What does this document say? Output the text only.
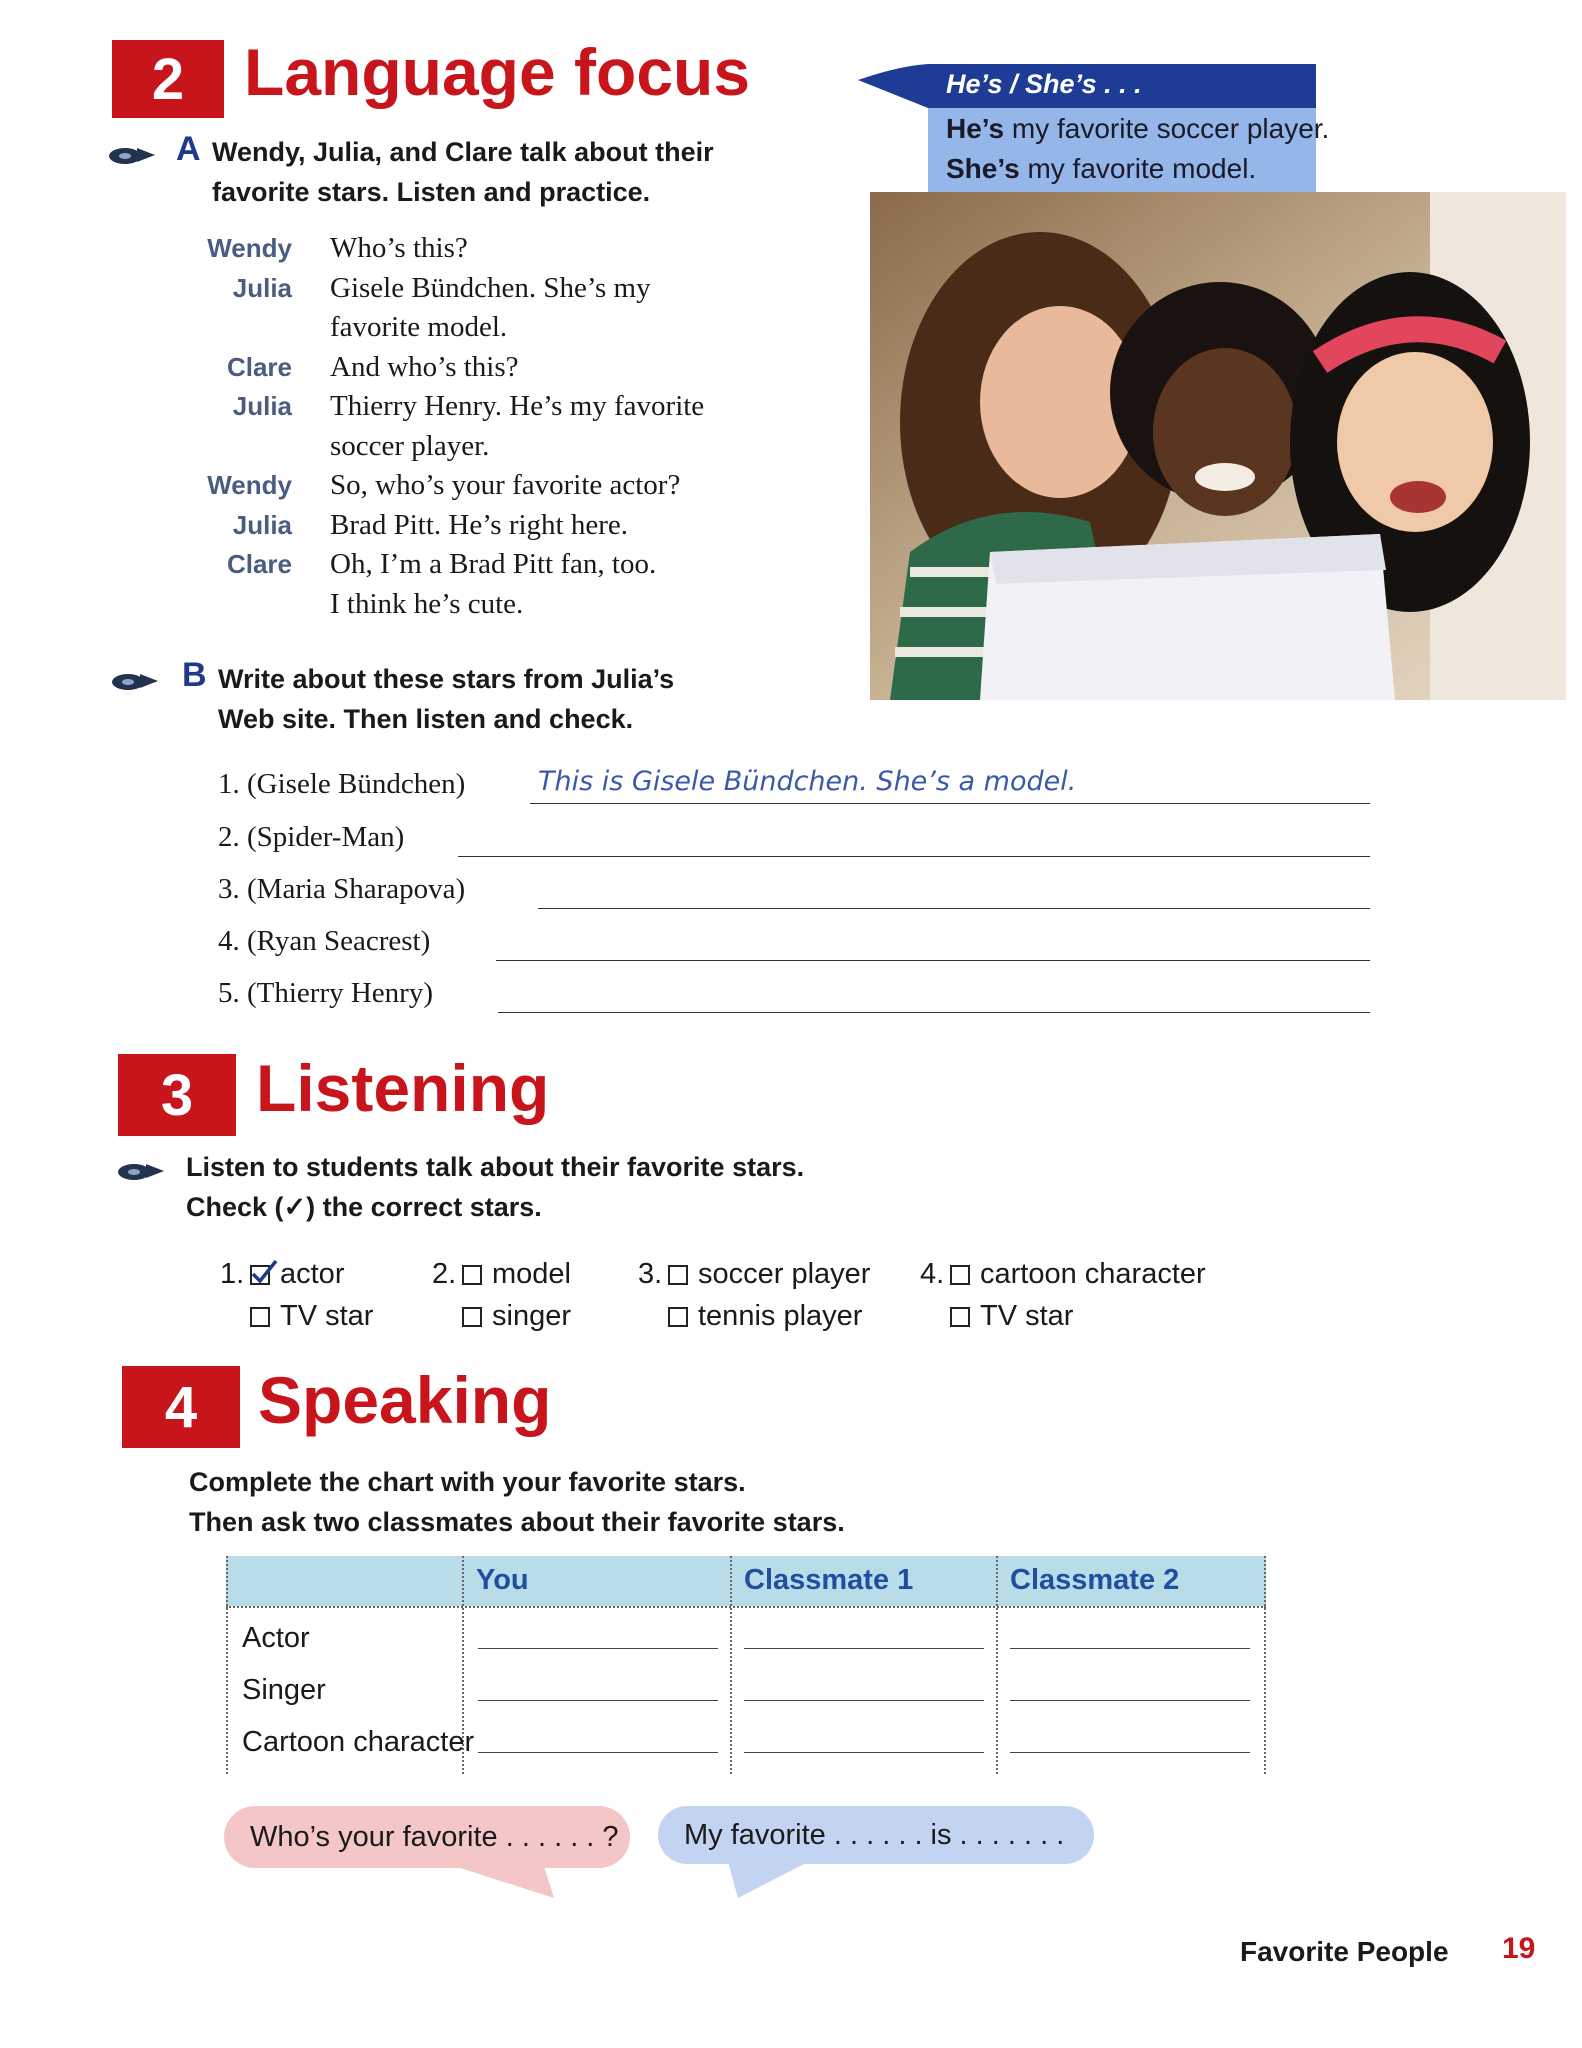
2 Language focus
A Wendy, Julia, and Clare talk about their
favorite stars. Listen and practice.
Wendy Who’s this?
Julia Gisele Bündchen. She’s my
favorite model.
Clare And who’s this?
Julia Thierry Henry. He’s my favorite
soccer player.
Wendy So, who’s your favorite actor?
Julia Brad Pitt. He’s right here.
Clare Oh, I’m a Brad Pitt fan, too.
I think he’s cute.
He’s / She’s . . .
He’s my favorite soccer player.
She’s my favorite model.
B Write about these stars from Julia’s
Web site. Then listen and check.
1. (Gisele Bündchen)	This is Gisele Bündchen. She’s a model.
2. (Spider-Man)
3. (Maria Sharapova)
4. (Ryan Seacrest)
5. (Thierry Henry)
3 Listening
Listen to students talk about their favorite stars.
Check (✓) the correct stars.
1. actor
TV star
2. model
singer
3. soccer player
tennis player
4. cartoon character
TV star
4 Speaking
Complete the chart with your favorite stars.
Then ask two classmates about their favorite stars.
You	Classmate 1	Classmate 2
Actor
Singer
Cartoon character
Who’s your favorite . . . . . . ?	My favorite . . . . . . is . . . . . . .
Favorite People 19
